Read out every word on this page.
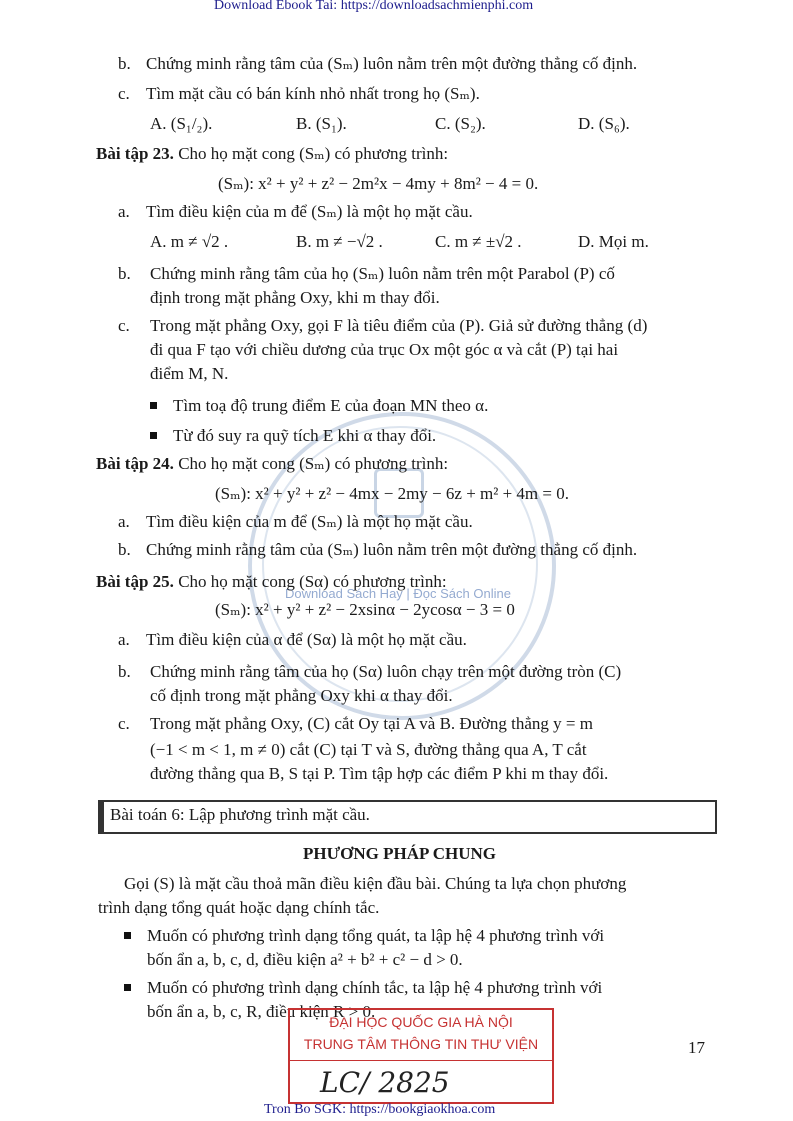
Download Sách Hay | Đọc Sách Online
Download Ebook Tai: https://downloadsachmienphi.com
b. Chứng minh rằng tâm của (Sₘ) luôn nằm trên một đường thẳng cố định.
c. Tìm mặt cầu có bán kính nhỏ nhất trong họ (Sₘ).
A. (S₁/₂).	B. (S₁).	C. (S₂).	D. (S₆).
Bài tập 23. Cho họ mặt cong (Sₘ) có phương trình:
(Sₘ): x² + y² + z² − 2m²x − 4my + 8m² − 4 = 0.
a. Tìm điều kiện của m để (Sₘ) là một họ mặt cầu.
A. m ≠ √2 .	B. m ≠ −√2 .	C. m ≠ ±√2 .	D. Mọi m.
b. Chứng minh rằng tâm của họ (Sₘ) luôn nằm trên một Parabol (P) cố
định trong mặt phẳng Oxy, khi m thay đổi.
c. Trong mặt phẳng Oxy, gọi F là tiêu điểm của (P). Giả sử đường thẳng (d)
đi qua F tạo với chiều dương của trục Ox một góc α và cắt (P) tại hai
điểm M, N.
Tìm toạ độ trung điểm E của đoạn MN theo α.
Từ đó suy ra quỹ tích E khi α thay đổi.
Bài tập 24. Cho họ mặt cong (Sₘ) có phương trình:
(Sₘ): x² + y² + z² − 4mx − 2my − 6z + m² + 4m = 0.
a. Tìm điều kiện của m để (Sₘ) là một họ mặt cầu.
b. Chứng minh rằng tâm của (Sₘ) luôn nằm trên một đường thẳng cố định.
Bài tập 25. Cho họ mặt cong (Sα) có phương trình:
(Sₘ): x² + y² + z² − 2xsinα − 2ycosα − 3 = 0
a. Tìm điều kiện của α để (Sα) là một họ mặt cầu.
b. Chứng minh rằng tâm của họ (Sα) luôn chạy trên một đường tròn (C)
cố định trong mặt phẳng Oxy khi α thay đổi.
c. Trong mặt phẳng Oxy, (C) cắt Oy tại A và B. Đường thẳng y = m
(−1 < m < 1, m ≠ 0) cắt (C) tại T và S, đường thẳng qua A, T cắt
đường thẳng qua B, S tại P. Tìm tập hợp các điểm P khi m thay đổi.
Bài toán 6: Lập phương trình mặt cầu.
PHƯƠNG PHÁP CHUNG
Gọi (S) là mặt cầu thoả mãn điều kiện đầu bài. Chúng ta lựa chọn phương
trình dạng tổng quát hoặc dạng chính tắc.
Muốn có phương trình dạng tổng quát, ta lập hệ 4 phương trình với
bốn ẩn a, b, c, d, điều kiện a² + b² + c² − d > 0.
Muốn có phương trình dạng chính tắc, ta lập hệ 4 phương trình với
bốn ẩn a, b, c, R, điều kiện R > 0.
ĐẠI HỌC QUỐC GIA HÀ NỘI
TRUNG TÂM THÔNG TIN THƯ VIỆN
LC/ 2825
17
Tron Bo SGK: https://bookgiaokhoa.com
